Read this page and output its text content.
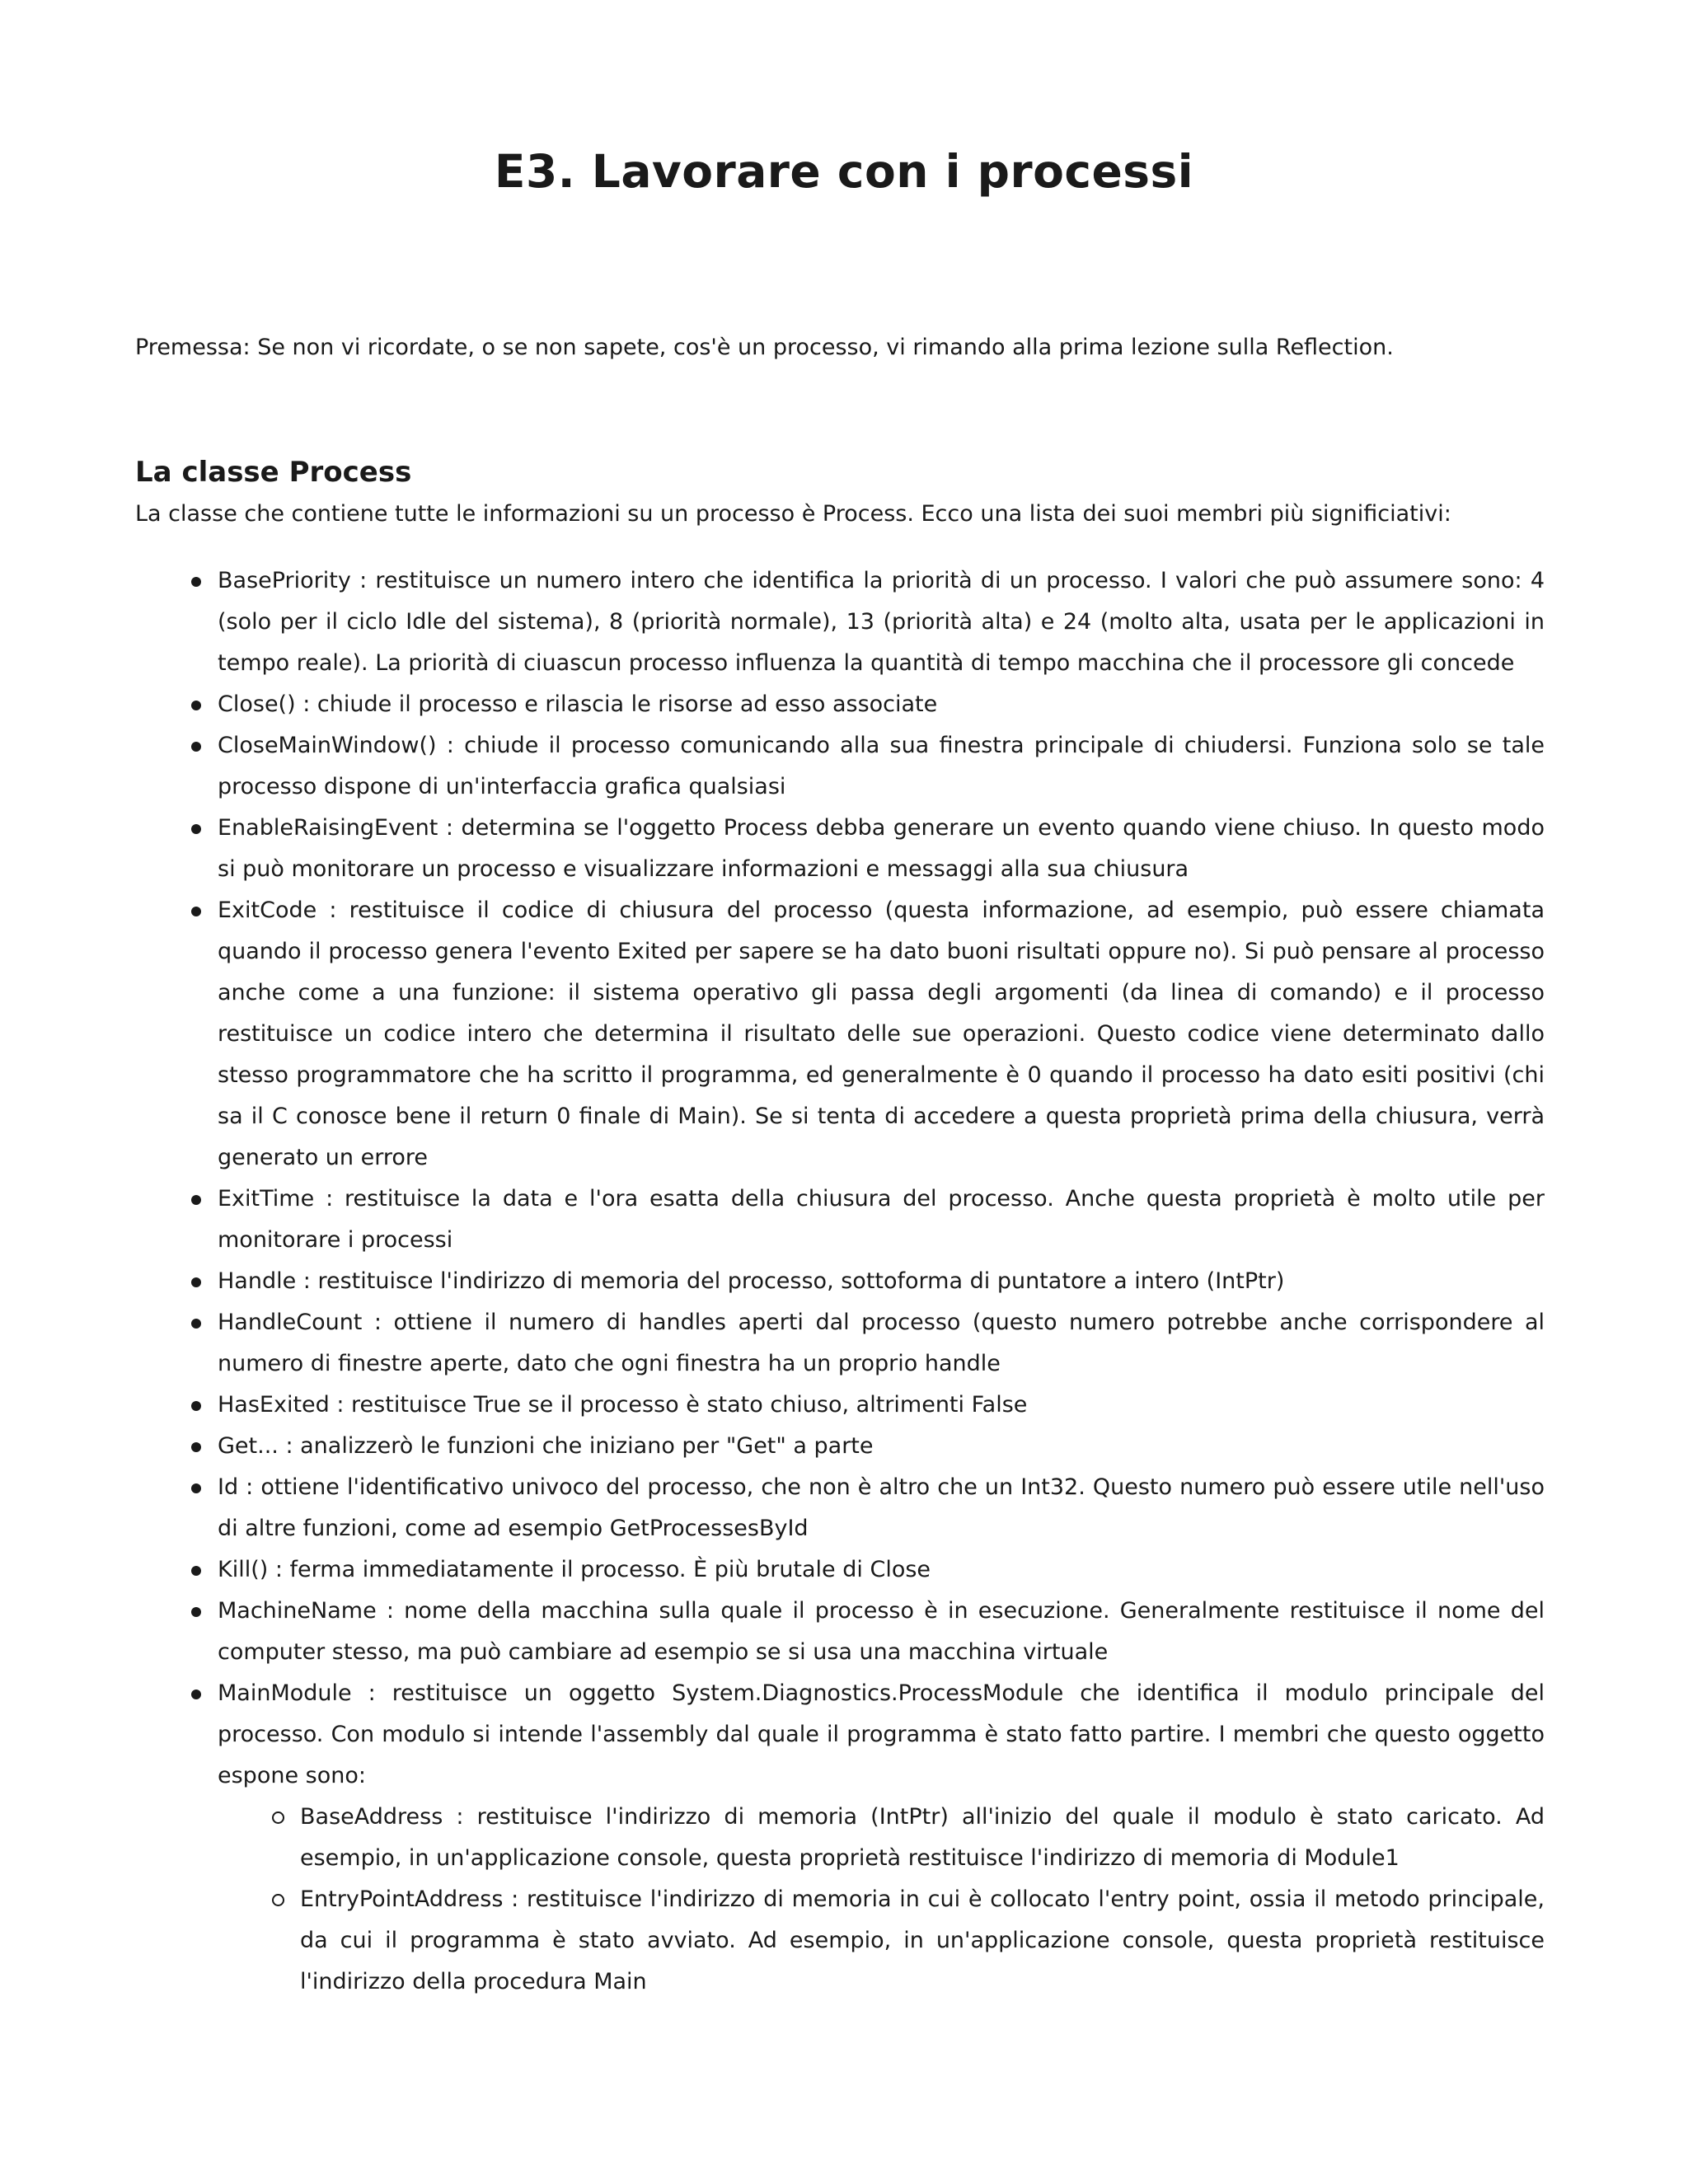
E3. Lavorare con i processi

Premessa: Se non vi ricordate, o se non sapete, cos'è un processo, vi rimando alla prima lezione sulla Reflection.

La classe Process

La classe che contiene tutte le informazioni su un processo è Process. Ecco una lista dei suoi membri più significiativi:

BasePriority : restituisce un numero intero che identifica la priorità di un processo. I valori che può assumere sono: 4 (solo per il ciclo Idle del sistema), 8 (priorità normale), 13 (priorità alta) e 24 (molto alta, usata per le applicazioni in tempo reale). La priorità di ciuascun processo influenza la quantità di tempo macchina che il processore gli concede
Close() : chiude il processo e rilascia le risorse ad esso associate
CloseMainWindow() : chiude il processo comunicando alla sua finestra principale di chiudersi. Funziona solo se tale processo dispone di un'interfaccia grafica qualsiasi
EnableRaisingEvent : determina se l'oggetto Process debba generare un evento quando viene chiuso. In questo modo si può monitorare un processo e visualizzare informazioni e messaggi alla sua chiusura
ExitCode : restituisce il codice di chiusura del processo (questa informazione, ad esempio, può essere chiamata quando il processo genera l'evento Exited per sapere se ha dato buoni risultati oppure no). Si può pensare al processo anche come a una funzione: il sistema operativo gli passa degli argomenti (da linea di comando) e il processo restituisce un codice intero che determina il risultato delle sue operazioni. Questo codice viene determinato dallo stesso programmatore che ha scritto il programma, ed generalmente è 0 quando il processo ha dato esiti positivi (chi sa il C conosce bene il return 0 finale di Main). Se si tenta di accedere a questa proprietà prima della chiusura, verrà generato un errore
ExitTime : restituisce la data e l'ora esatta della chiusura del processo. Anche questa proprietà è molto utile per monitorare i processi
Handle : restituisce l'indirizzo di memoria del processo, sottoforma di puntatore a intero (IntPtr)
HandleCount : ottiene il numero di handles aperti dal processo (questo numero potrebbe anche corrispondere al numero di finestre aperte, dato che ogni finestra ha un proprio handle
HasExited : restituisce True se il processo è stato chiuso, altrimenti False
Get... : analizzerò le funzioni che iniziano per "Get" a parte
Id : ottiene l'identificativo univoco del processo, che non è altro che un Int32. Questo numero può essere utile nell'uso di altre funzioni, come ad esempio GetProcessesById
Kill() : ferma immediatamente il processo. È più brutale di Close
MachineName : nome della macchina sulla quale il processo è in esecuzione. Generalmente restituisce il nome del computer stesso, ma può cambiare ad esempio se si usa una macchina virtuale
MainModule : restituisce un oggetto System.Diagnostics.ProcessModule che identifica il modulo principale del processo. Con modulo si intende l'assembly dal quale il programma è stato fatto partire. I membri che questo oggetto espone sono:
BaseAddress : restituisce l'indirizzo di memoria (IntPtr) all'inizio del quale il modulo è stato caricato. Ad esempio, in un'applicazione console, questa proprietà restituisce l'indirizzo di memoria di Module1
EntryPointAddress : restituisce l'indirizzo di memoria in cui è collocato l'entry point, ossia il metodo principale, da cui il programma è stato avviato. Ad esempio, in un'applicazione console, questa proprietà restituisce l'indirizzo della procedura Main
